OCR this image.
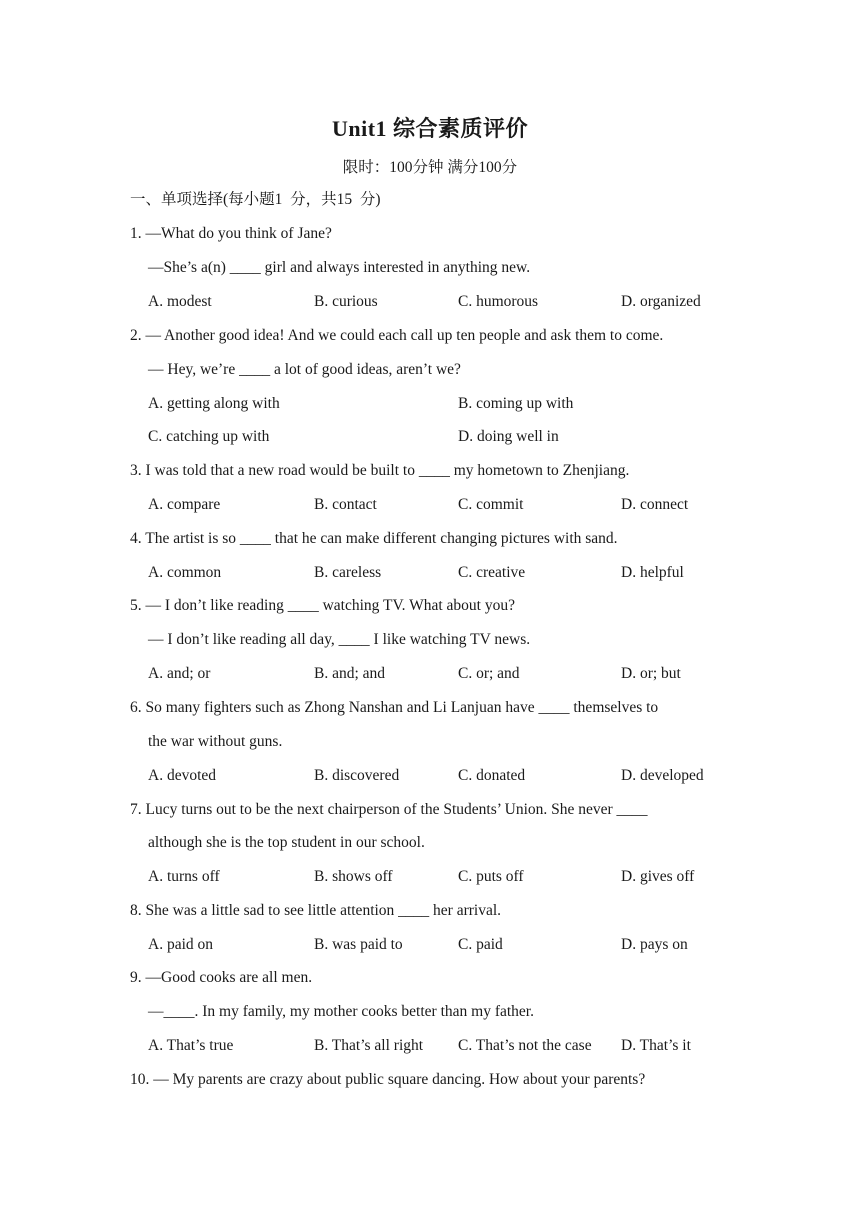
Unit1 综合素质评价
限时：100分钟 满分100分
一、单项选择(每小题1  分，共15  分)
1. —What do you think of Jane?
—She’s a(n) ____ girl and always interested in anything new.
A. modest	B. curious	C. humorous	D. organized
2. — Another good idea! And we could each call up ten people and ask them to come.
— Hey, we’re ____ a lot of good ideas, aren’t we?
A. getting along with	B. coming up with
C. catching up with	D. doing well in
3. I was told that a new road would be built to ____ my hometown to Zhenjiang.
A. compare	B. contact	C. commit	D. connect
4. The artist is so ____ that he can make different changing pictures with sand.
A. common	B. careless	C. creative	D. helpful
5. — I don’t like reading ____ watching TV. What about you?
— I don’t like reading all day, ____ I like watching TV news.
A. and; or	B. and; and	C. or; and	D. or; but
6. So many fighters such as Zhong Nanshan and Li Lanjuan have ____ themselves to
the war without guns.
A. devoted	B. discovered	C. donated	D. developed
7. Lucy turns out to be the next chairperson of the Students’ Union. She never ____
although she is the top student in our school.
A. turns off	B. shows off	C. puts off	D. gives off
8. She was a little sad to see little attention ____ her arrival.
A. paid on	B. was paid to	C. paid	D. pays on
9. —Good cooks are all men.
—____. In my family, my mother cooks better than my father.
A. That’s true	B. That’s all right C. That’s not the case D. That’s it
10. — My parents are crazy about public square dancing. How about your parents?
